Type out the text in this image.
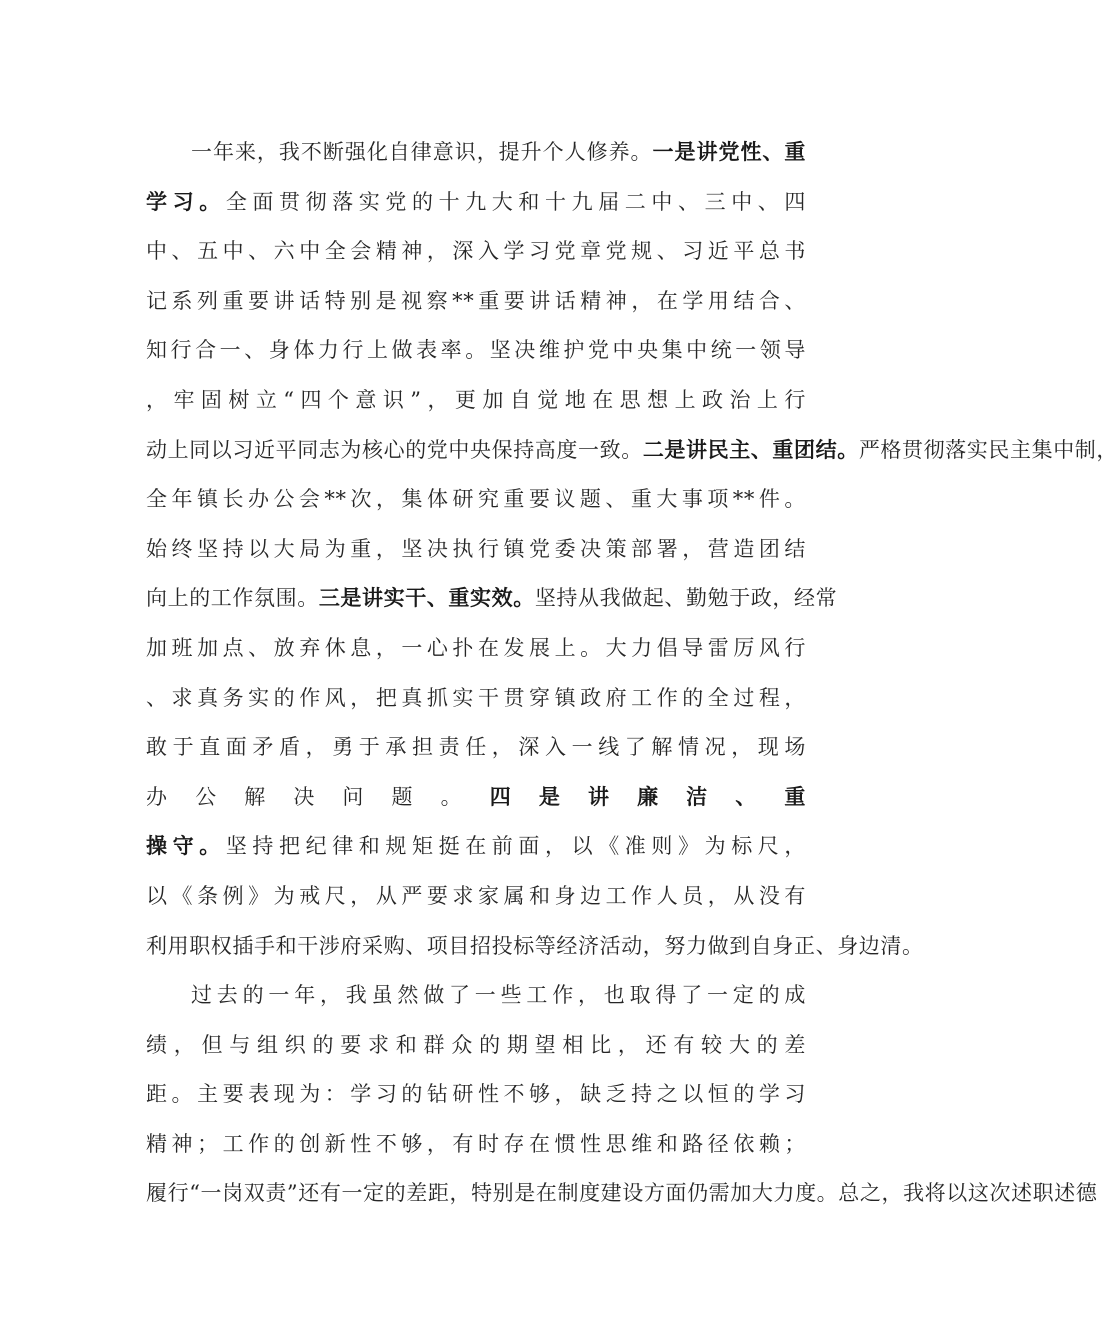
一年来，我不断强化自律意识，提升个人修养。一是讲党性、重
学习。全面贯彻落实党的十九大和十九届二中、三中、四
中、五中、六中全会精神，深入学习党章党规、习近平总书
记系列重要讲话特别是视察**重要讲话精神，在学用结合、
知行合一、身体力行上做表率。坚决维护党中央集中统一领导
，牢固树立“四个意识”，更加自觉地在思想上政治上行
动上同以习近平同志为核心的党中央保持高度一致。二是讲民主、重团结。严格贯彻落实民主集中制，
全年镇长办公会**次，集体研究重要议题、重大事项**件。
始终坚持以大局为重，坚决执行镇党委决策部署，营造团结
向上的工作氛围。三是讲实干、重实效。坚持从我做起、勤勉于政，经常
加班加点、放弃休息，一心扑在发展上。大力倡导雷厉风行
、求真务实的作风，把真抓实干贯穿镇政府工作的全过程，
敢于直面矛盾，勇于承担责任，深入一线了解情况，现场
办公解决问题。四是讲廉洁、重
操守。坚持把纪律和规矩挺在前面，以《准则》为标尺，
以《条例》为戒尺，从严要求家属和身边工作人员，从没有
利用职权插手和干涉府采购、项目招投标等经济活动，努力做到自身正、身边清。
过去的一年，我虽然做了一些工作，也取得了一定的成
绩，但与组织的要求和群众的期望相比，还有较大的差
距。主要表现为：学习的钻研性不够，缺乏持之以恒的学习
精神；工作的创新性不够，有时存在惯性思维和路径依赖；
履行“一岗双责”还有一定的差距，特别是在制度建设方面仍需加大力度。总之，我将以这次述职述德
